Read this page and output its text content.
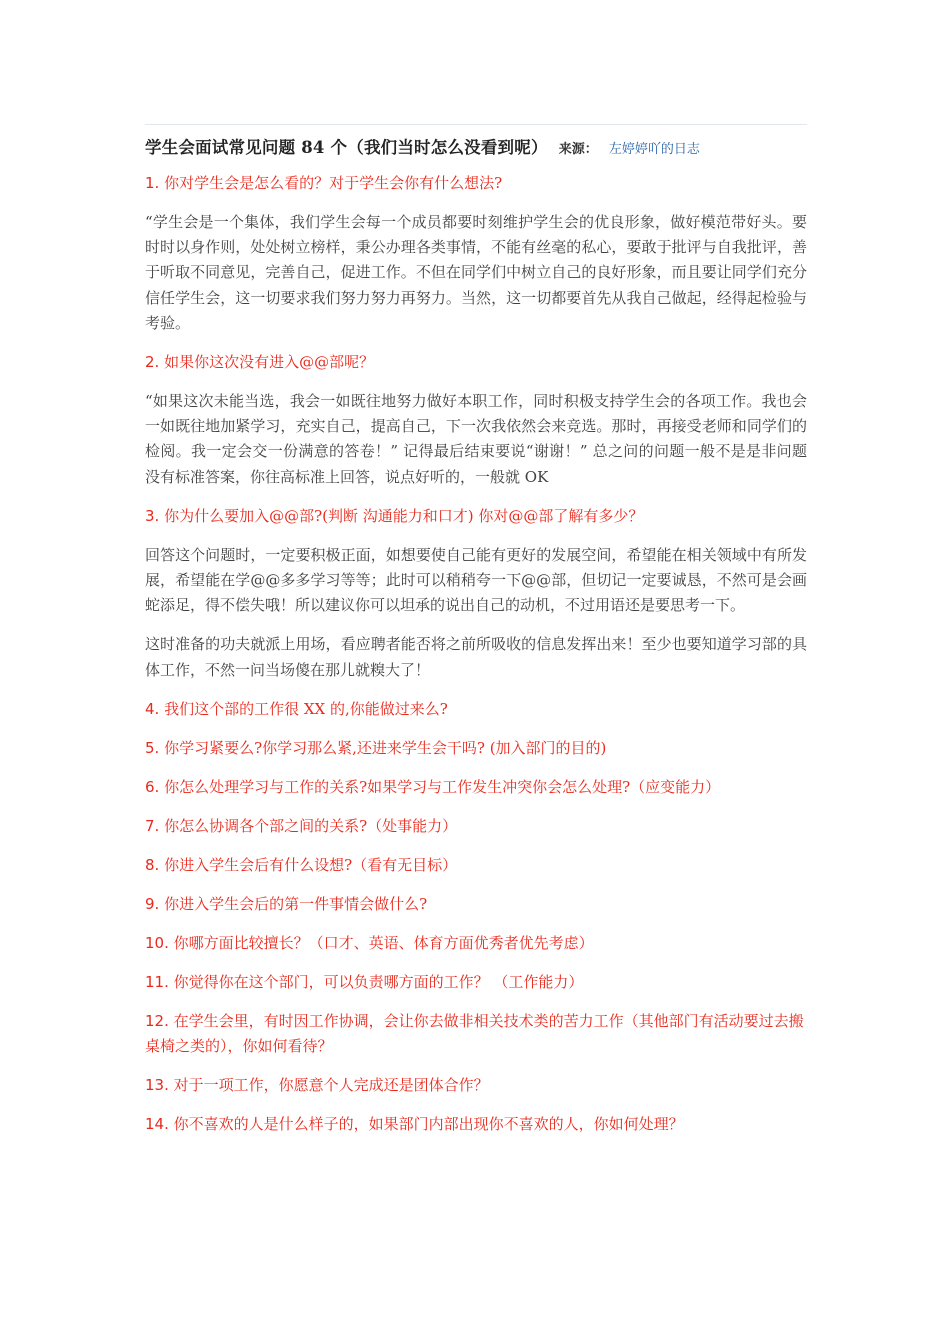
学生会面试常见问题 84 个（我们当时怎么没看到呢） 来源： 左婷婷吖的日志

1. 你对学生会是怎么看的？对于学生会你有什么想法?

“学生会是一个集体，我们学生会每一个成员都要时刻维护学生会的优良形象，做好模范带好头。要时时以身作则，处处树立榜样，秉公办理各类事情，不能有丝毫的私心，要敢于批评与自我批评，善于听取不同意见，完善自己，促进工作。不但在同学们中树立自己的良好形象，而且要让同学们充分信任学生会，这一切要求我们努力努力再努力。当然，这一切都要首先从我自己做起，经得起检验与考验。

2. 如果你这次没有进入@@部呢？

“如果这次未能当选，我会一如既往地努力做好本职工作，同时积极支持学生会的各项工作。我也会一如既往地加紧学习，充实自己，提高自己，下一次我依然会来竞选。那时，再接受老师和同学们的检阅。我一定会交一份满意的答卷！” 记得最后结束要说“谢谢！” 总之问的问题一般不是是非问题 没有标准答案，你往高标准上回答，说点好听的，一般就 OK

3. 你为什么要加入@@部?(判断 沟通能力和口才) 你对@@部了解有多少？

回答这个问题时，一定要积极正面，如想要使自己能有更好的发展空间，希望能在相关领域中有所发展，希望能在学@@多多学习等等；此时可以稍稍夸一下@@部，但切记一定要诚恳，不然可是会画蛇添足，得不偿失哦！所以建议你可以坦承的说出自己的动机，不过用语还是要思考一下。

这时准备的功夫就派上用场，看应聘者能否将之前所吸收的信息发挥出来！至少也要知道学习部的具体工作，不然一问当场傻在那儿就糗大了！

4. 我们这个部的工作很 XX 的,你能做过来么?

5. 你学习紧要么?你学习那么紧,还进来学生会干吗? (加入部门的目的)

6. 你怎么处理学习与工作的关系?如果学习与工作发生冲突你会怎么处理?（应变能力）

7. 你怎么协调各个部之间的关系?（处事能力）

8. 你进入学生会后有什么设想?（看有无目标）

9. 你进入学生会后的第一件事情会做什么?

10. 你哪方面比较擅长？（口才、英语、体育方面优秀者优先考虑）

11. 你觉得你在这个部门，可以负责哪方面的工作？ （工作能力）

12. 在学生会里，有时因工作协调，会让你去做非相关技术类的苦力工作（其他部门有活动要过去搬桌椅之类的），你如何看待？

13. 对于一项工作，你愿意个人完成还是团体合作？

14. 你不喜欢的人是什么样子的，如果部门内部出现你不喜欢的人，你如何处理？
